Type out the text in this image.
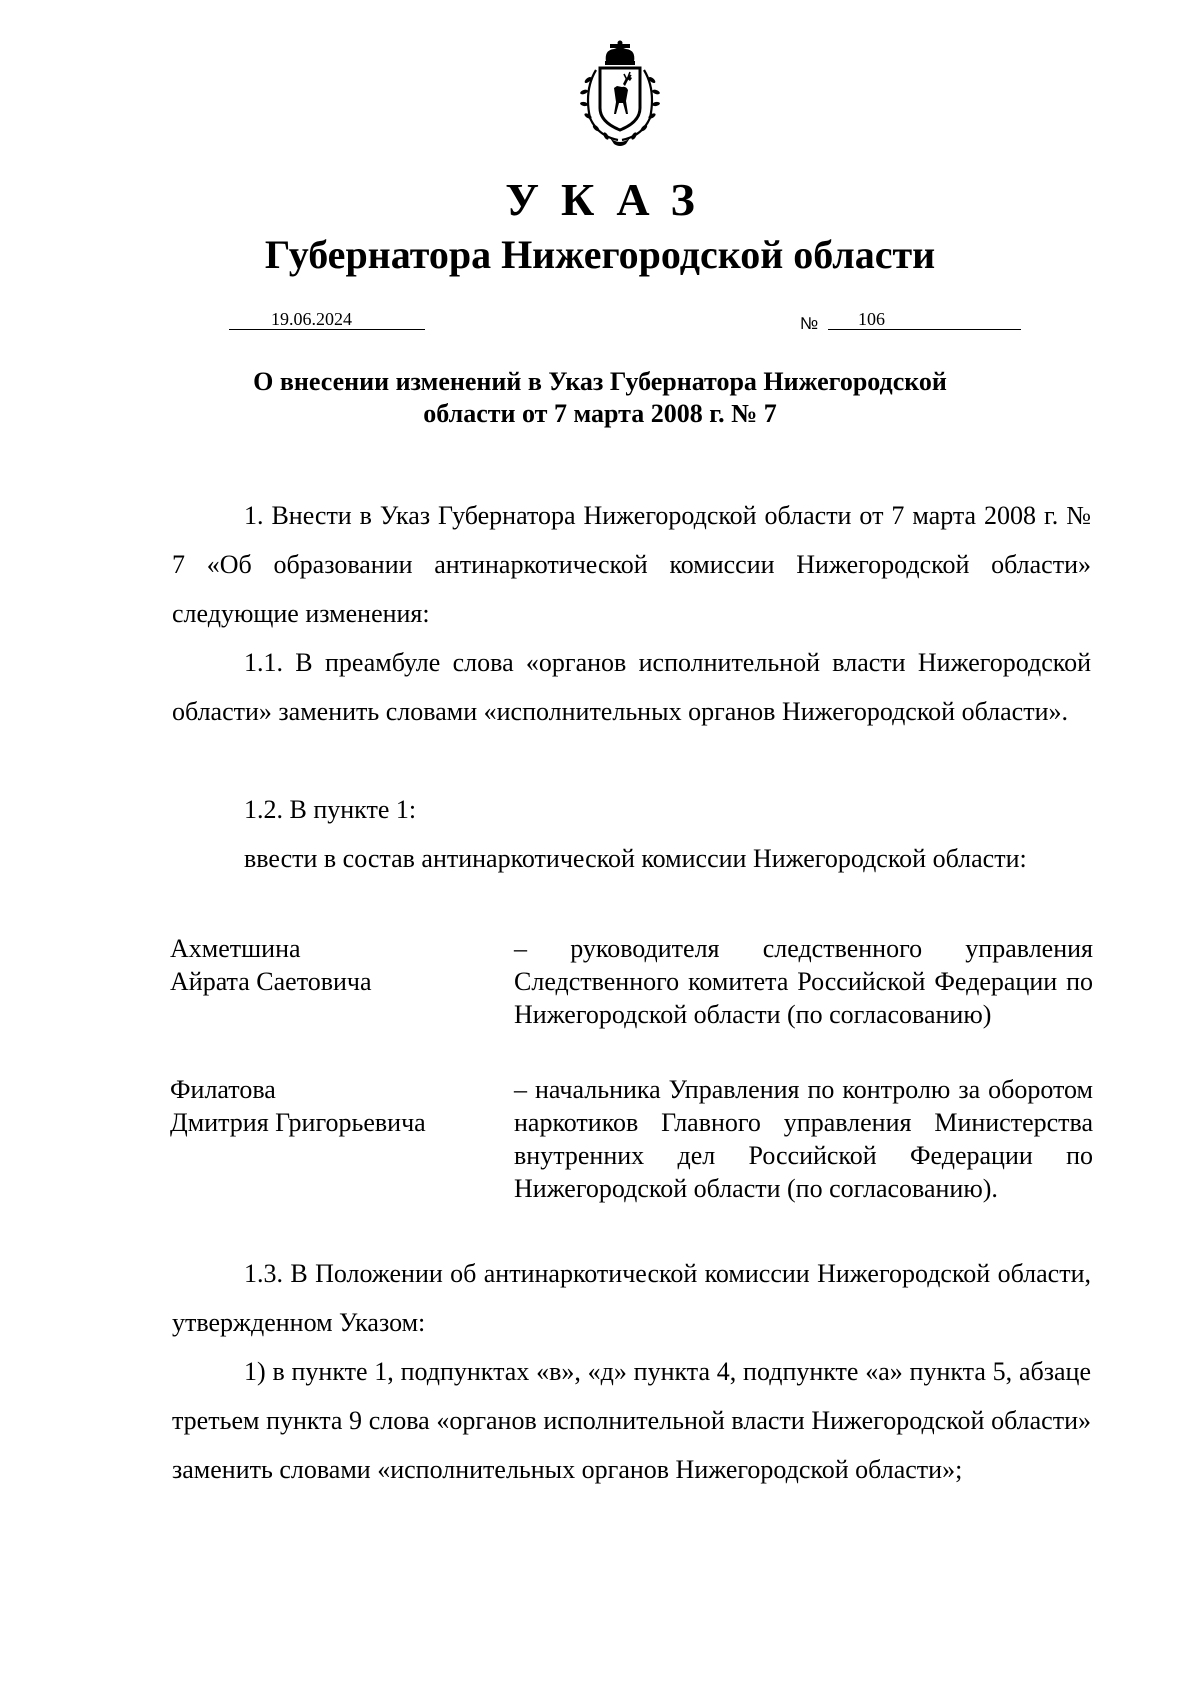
УКАЗ
Губернатора Нижегородской области
19.06.2024	№ 106
О внесении изменений в Указ Губернатора Нижегородской
области от 7 марта 2008 г. № 7
1. Внести в Указ Губернатора Нижегородской области от 7 марта 2008 г. № 7 «Об образовании антинаркотической комиссии Нижегородской области» следующие изменения:
1.1. В преамбуле слова «органов исполнительной власти Нижегородской области» заменить словами «исполнительных органов Нижегородской области».
1.2. В пункте 1:
ввести в состав антинаркотической комиссии Нижегородской области:
Ахметшина
Айрата Саетовича
– руководителя следственного управления Следственного комитета Российской Федерации по Нижегородской области (по согласованию)
Филатова
Дмитрия Григорьевича
– начальника Управления по контролю за оборотом наркотиков Главного управления Министерства внутренних дел Российской Федерации по Нижегородской области (по согласованию).
1.3. В Положении об антинаркотической комиссии Нижегородской области, утвержденном Указом:
1) в пункте 1, подпунктах «в», «д» пункта 4, подпункте «а» пункта 5, абзаце третьем пункта 9 слова «органов исполнительной власти Нижегородской области» заменить словами «исполнительных органов Нижегородской области»;
